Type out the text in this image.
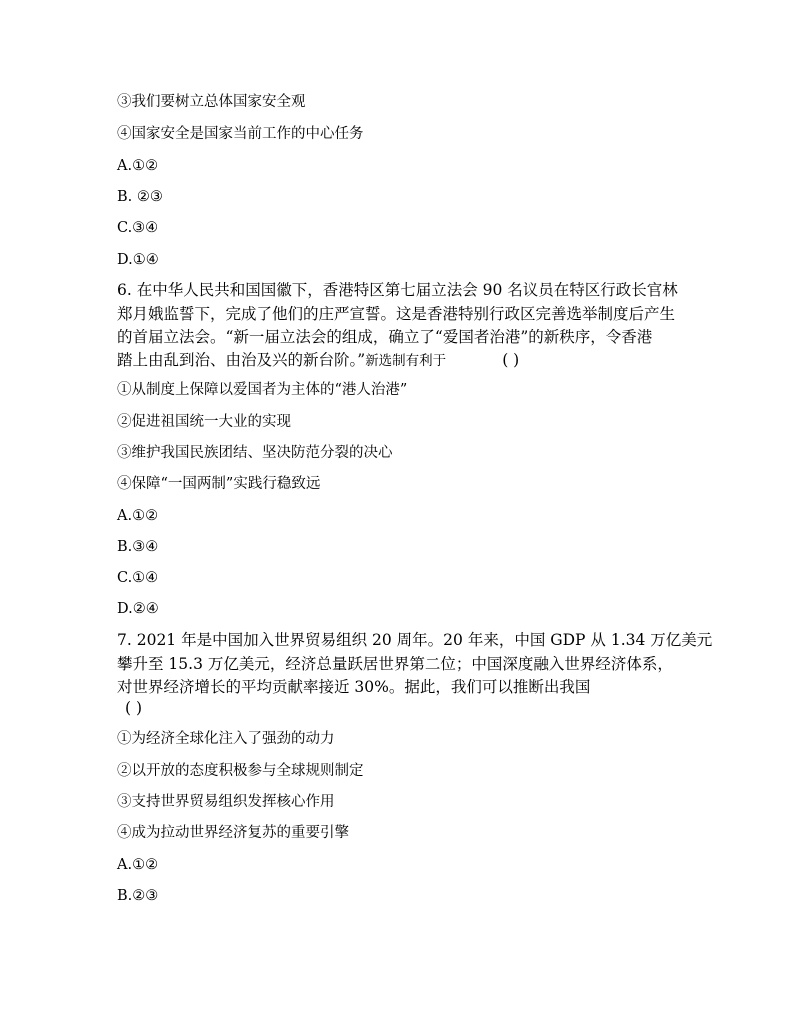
③我们要树立总体国家安全观
④国家安全是国家当前工作的中心任务
A.①②
B. ②③
C.③④
D.①④
6. 在中华人民共和国国徽下，香港特区第七届立法会 90 名议员在特区行政长官林
郑月娥监誓下，完成了他们的庄严宣誓。这是香港特别行政区完善选举制度后产生
的首届立法会。“新一届立法会的组成，确立了“爱国者治港”的新秩序，令香港
踏上由乱到治、由治及兴的新台阶。”新选制有利于	( )
①从制度上保障以爱国者为主体的“港人治港”
②促进祖国统一大业的实现
③维护我国民族团结、坚决防范分裂的决心
④保障“一国两制”实践行稳致远
A.①②
B.③④
C.①④
D.②④
7. 2021 年是中国加入世界贸易组织 20 周年。20 年来，中国 GDP 从 1.34 万亿美元
攀升至 15.3 万亿美元，经济总量跃居世界第二位；中国深度融入世界经济体系，
对世界经济增长的平均贡献率接近 30%。据此，我们可以推断出我国
( )
①为经济全球化注入了强劲的动力
②以开放的态度积极参与全球规则制定
③支持世界贸易组织发挥核心作用
④成为拉动世界经济复苏的重要引擎
A.①②
B.②③
